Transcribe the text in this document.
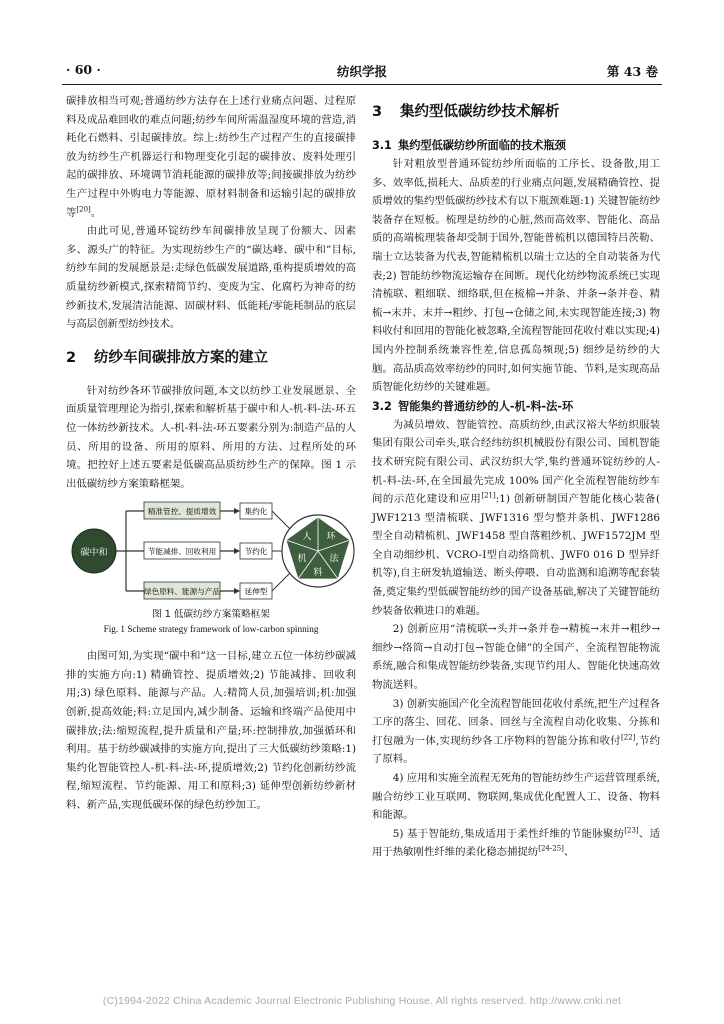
· 60 ·	纺织学报	第 43 卷

碳排放相当可观;普通纺纱方法存在上述行业痛点问题、过程原料及成品难回收的难点问题;纺纱车间所需温湿度环境的营造,消耗化石燃料、引起碳排放。综上:纺纱生产过程产生的直接碳排放为纺纱生产机器运行和物理变化引起的碳排放、废料处理引起的碳排放、环境调节消耗能源的碳排放等;间接碳排放为纺纱生产过程中外购电力等能源、原材料制备和运输引起的碳排放等[20]。

由此可见,普通环锭纺纱车间碳排放呈现了份额大、因素多、源头广的特征。为实现纺纱生产的“碳达峰、碳中和”目标,纺纱车间的发展愿景是:走绿色低碳发展道路,重构提质增效的高质量纺纱新模式,探索精简节约、变废为宝、化腐朽为神奇的纺纱新技术,发展清洁能源、固碳材料、低能耗/零能耗制品的底层与高层创新型纺纱技术。

2 纺纱车间碳排放方案的建立

针对纺纱各环节碳排放问题,本文以纺纱工业发展愿景、全面质量管理理论为指引,探索和解析基于碳中和人-机-料-法-环五位一体纺纱新技术。人-机-料-法-环五要素分别为:制造产品的人员、所用的设备、所用的原料、所用的方法、过程所处的环境。把控好上述五要素是低碳高品质纺纱生产的保障。图 1 示出低碳纺纱方案策略框架。

碳中和
精准管控、提质增效
节能减排、回收利用
绿色原料、能源与产品
集约化
节约化
延伸型
人 环
机	法
料
图 1 低碳纺纱方案策略框架
Fig. 1 Scheme strategy framework of low-carbon spinning

由图可知,为实现“碳中和”这一目标,建立五位一体纺纱碳减排的实施方向:1) 精确管控、提质增效;2) 节能减排、回收利用;3) 绿色原料、能源与产品。人:精简人员,加强培训;机:加强创新,提高效能;料:立足国内,减少制备、运输和终端产品使用中碳排放;法:缩短流程,提升质量和产量;环:控制排放,加强循环和利用。基于纺纱碳减排的实施方向,提出了三大低碳纺纱策略:1) 集约化智能管控人-机-料-法-环,提质增效;2) 节约化创新纺纱流程,缩短流程、节约能源、用工和原料;3) 延伸型创新纺纱新材料、新产品,实现低碳环保的绿色纺纱加工。

3 集约型低碳纺纱技术解析
3.1 集约型低碳纺纱所面临的技术瓶颈

针对粗放型普通环锭纺纱所面临的工序长、设备散,用工多、效率低,损耗大、品质差的行业痛点问题,发展精确管控、提质增效的集约型低碳纺纱技术有以下瓶颈难题:1) 关键智能纺纱装备存在短板。梳理是纺纱的心脏,然而高效率、智能化、高品质的高端梳理装备却受制于国外,智能普梳机以德国特吕茨勒、瑞士立达装备为代表,智能精梳机以瑞士立达的全自动装备为代表;2) 智能纺纱物流运输存在间断。现代化纺纱物流系统已实现清梳联、粗细联、细络联,但在梳棉→并条、并条→条并卷、精梳→末并、末并→粗纱、打包→仓储之间,未实现智能连接;3) 物料收付和回用的智能化被忽略,全流程智能回花收付难以实现;4) 国内外控制系统兼容性差,信息孤岛频现;5) 细纱是纺纱的大脑。高品质高效率纺纱的同时,如何实施节能、节料,是实现高品质智能化纺纱的关键难题。

3.2 智能集约普通纺纱的人-机-料-法-环

为减员增效、智能管控、高质纺纱,由武汉裕大华纺织服装集团有限公司牵头,联合经纬纺织机械股份有限公司、国机智能技术研究院有限公司、武汉纺织大学,集约普通环锭纺纱的人-机-料-法-环,在全国最先完成 100% 国产化全流程智能纺纱车间的示范化建设和应用[21]:1) 创新研制国产智能化核心装备( JWF1213 型清梳联、JWF1316 型匀整并条机、JWF1286 型全自动精梳机、JWF1458 型自落粗纱机、JWF1572JM 型全自动细纱机、VCRO-Ⅰ型自动络筒机、JWF0 016 D 型异纤机等),自主研发轨道输送、断头停喂、自动监测和追溯等配套装备,奠定集约型低碳智能纺纱的国产设备基础,解决了关键智能纺纱装备依赖进口的难题。

2) 创新应用“清梳联→头并→条并卷→精梳→末并→粗纱→细纱→络筒→自动打包→智能仓储”的全国产、全流程智能物流系统,融合和集成智能纺纱装备,实现节约用人、智能化快速高效物流送料。

3) 创新实施国产化全流程智能回花收付系统,把生产过程各工序的落尘、回花、回条、回丝与全流程自动化收集、分拣和打包融为一体,实现纺纱各工序物料的智能分拣和收付[22],节约了原料。

4) 应用和实施全流程无死角的智能纺纱生产运营管理系统,融合纺纱工业互联网、物联网,集成优化配置人工、设备、物料和能源。

5) 基于智能纺,集成适用于柔性纤维的节能脉聚纺[23]、适用于热敏刚性纤维的柔化稳态捕捉纺[24-25]、

(C)1994-2022 China Academic Journal Electronic Publishing House. All rights reserved. http://www.cnki.net
